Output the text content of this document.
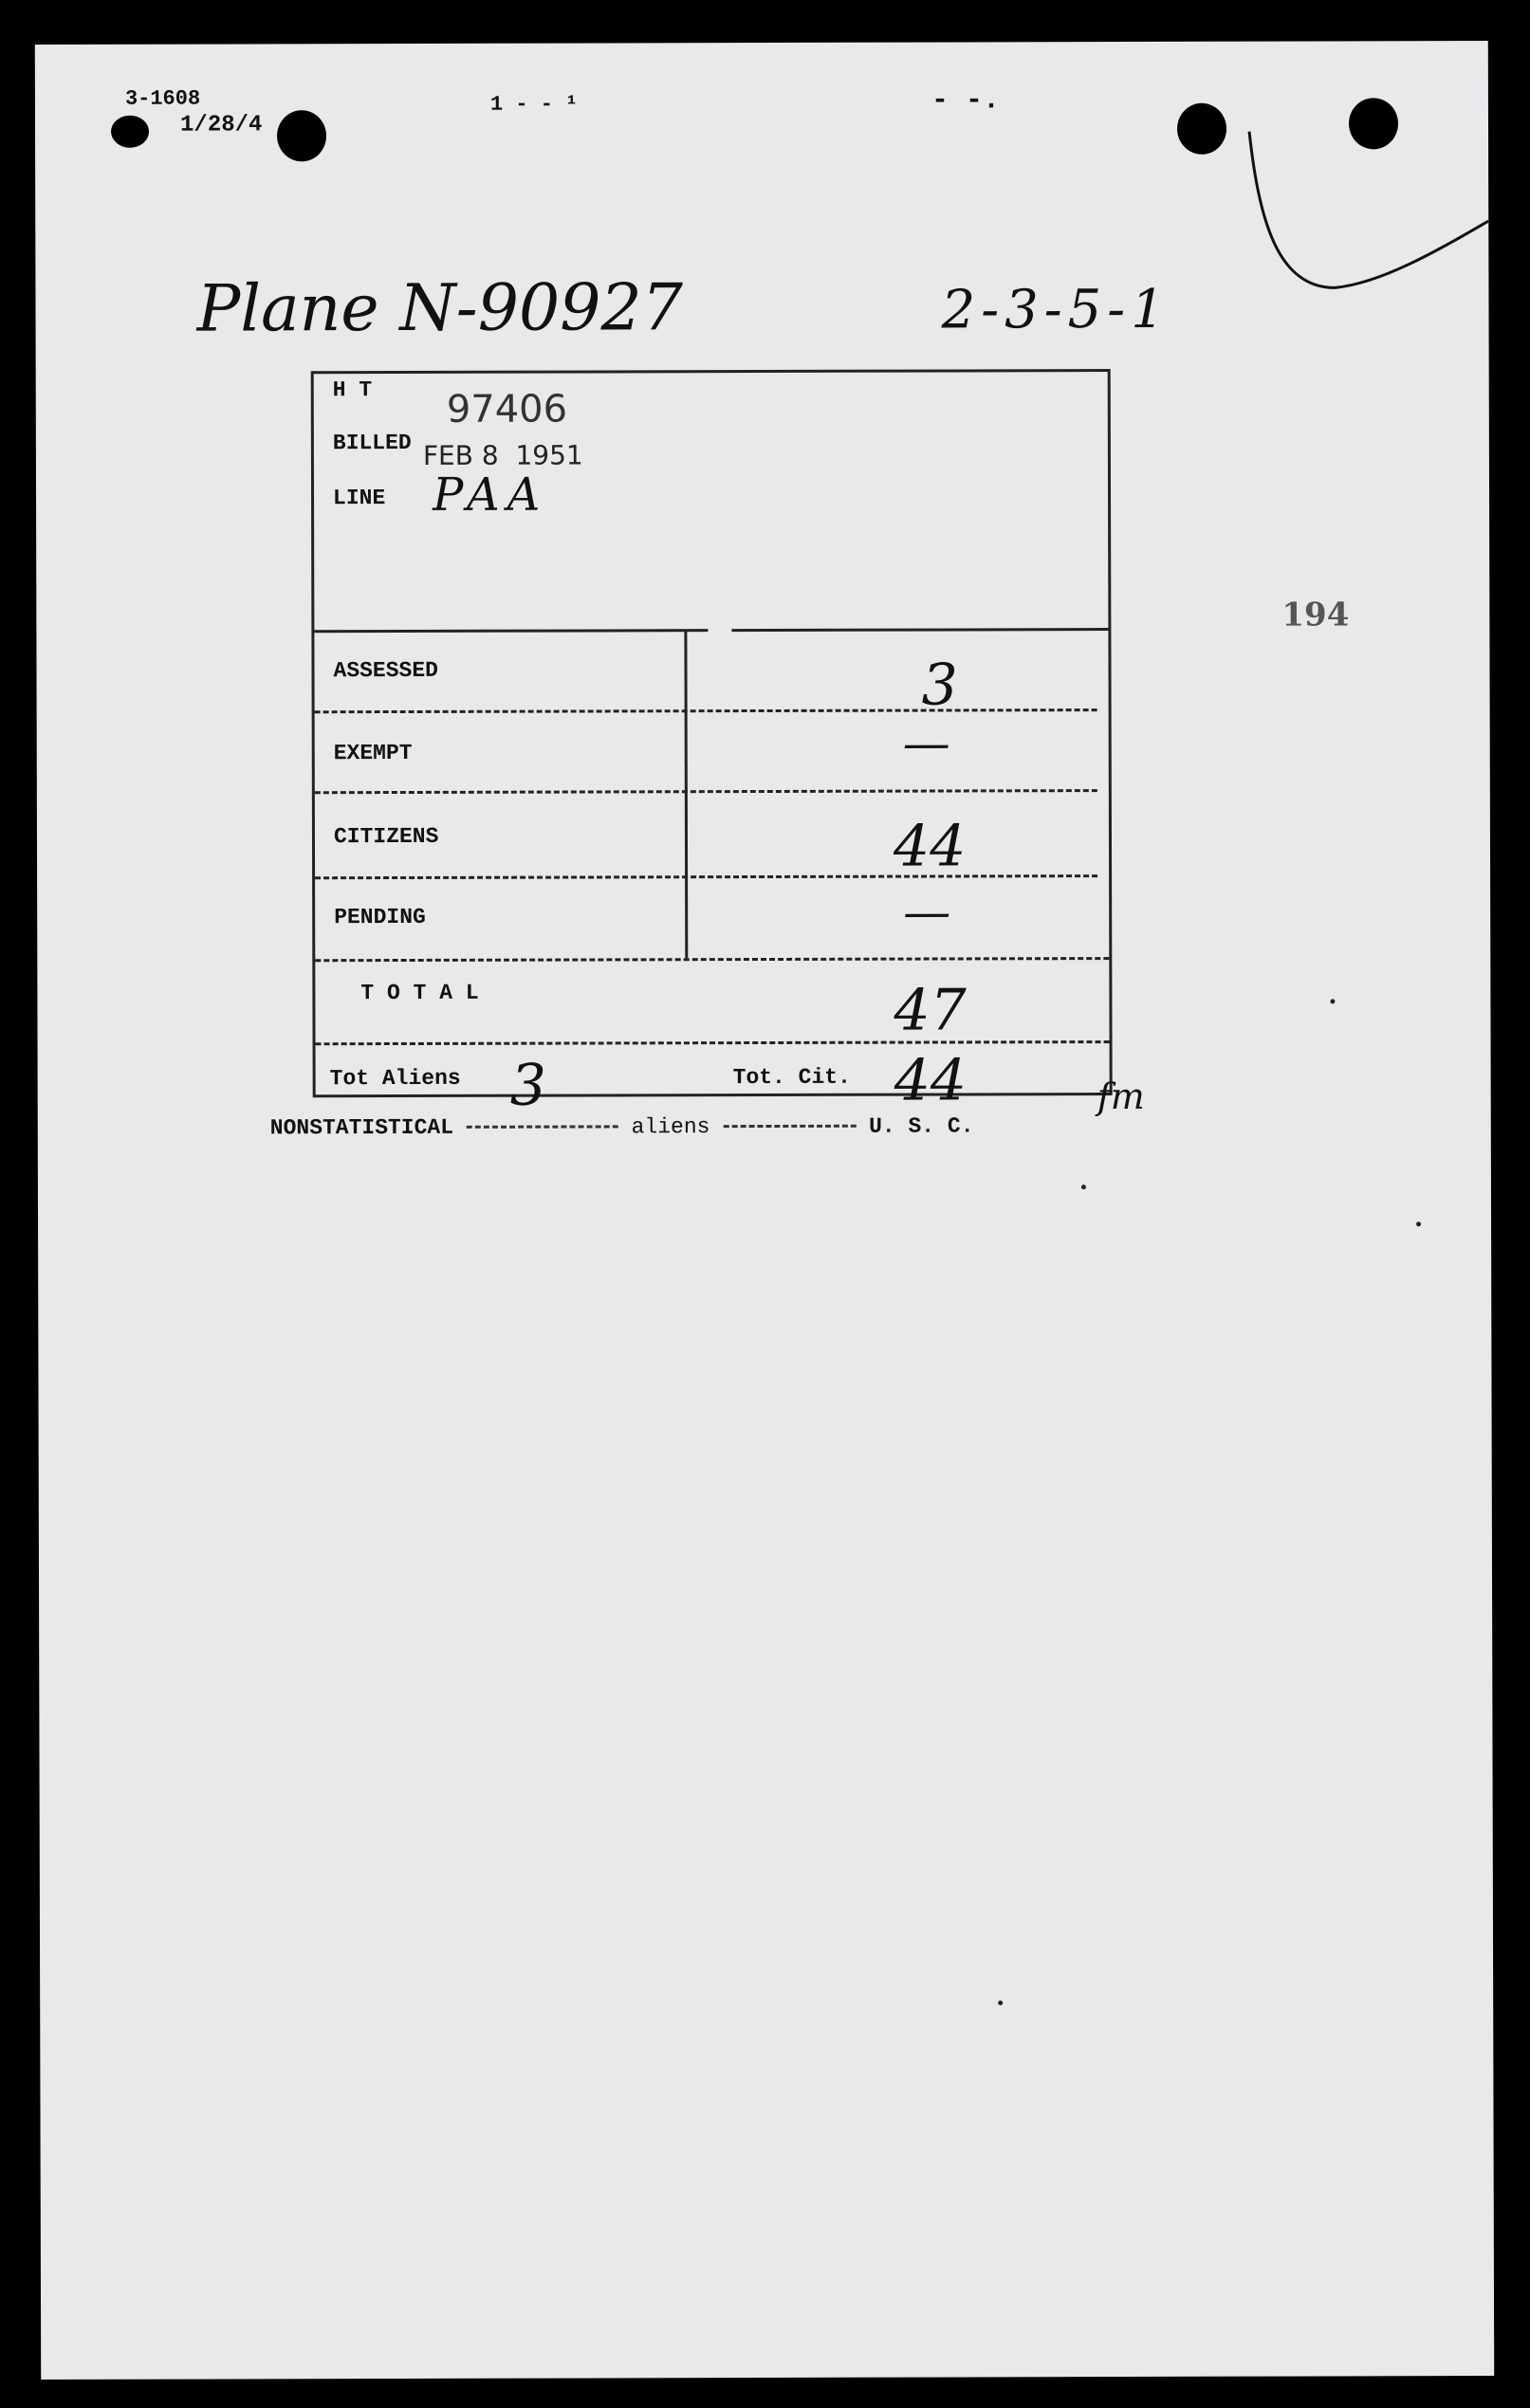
3-1608
1/28/4
1 - - ¹	- -.
Plane N-90927	2-3-5-1
194
H T 97406
BILLED FEB 8  1951
LINE PAA
ASSESSED	3
EXEMPT	—
CITIZENS	44
PENDING	—
T O T A L	47
Tot Aliens 3	Tot. Cit. 44	fm
NONSTATISTICAL	aliens	U. S. C.
